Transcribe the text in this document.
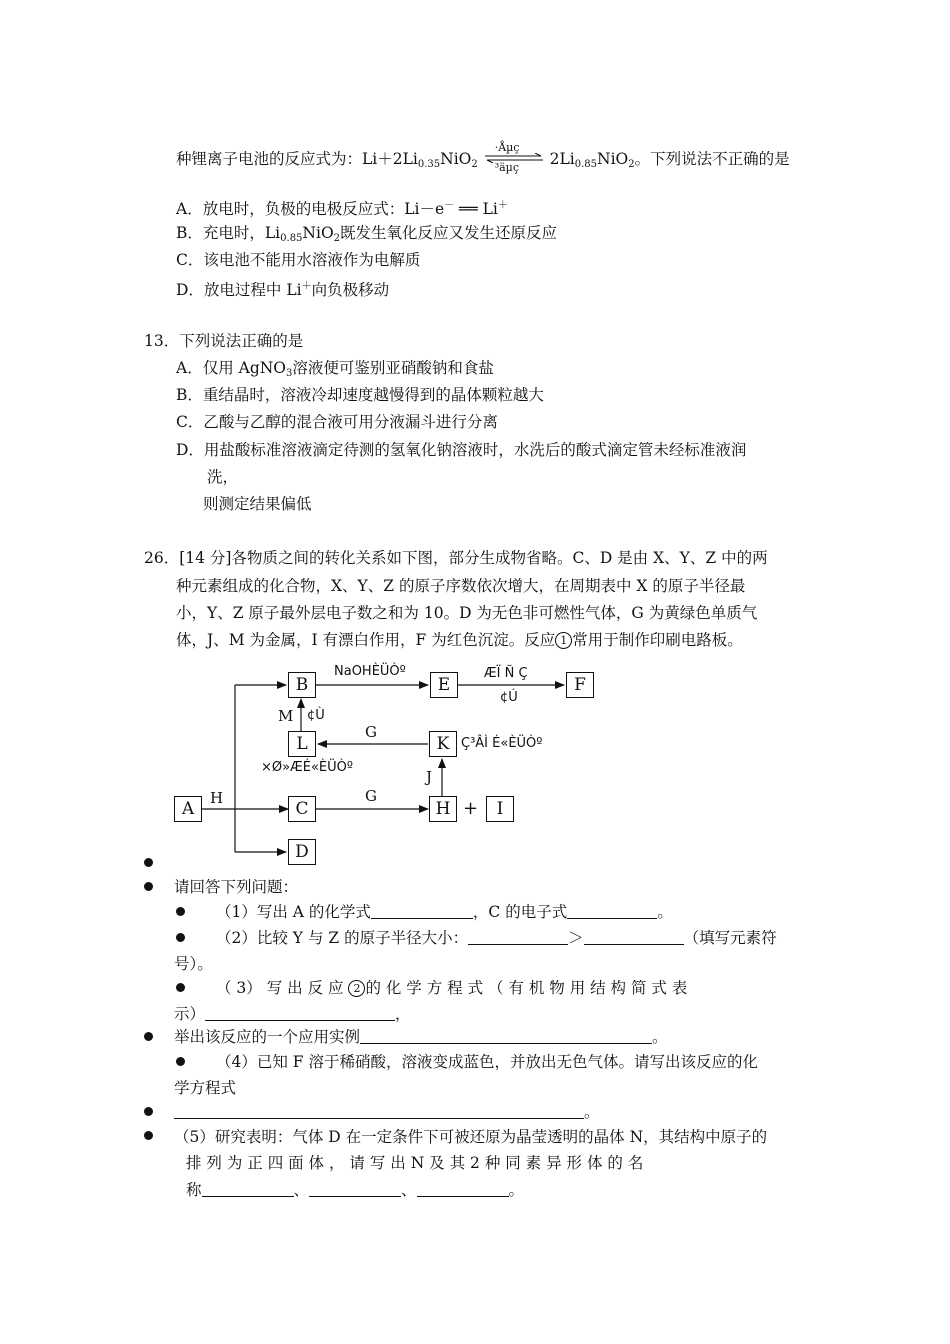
种锂离子电池的反应式为：$Li+2Li_{0.35}NiO_2$
·Åµç
³äµç $2Li_{0.85}NiO_2$。下列说法不正确的是
A．放电时，负极的电极反应式：Li－e－ ══ Li＋
B．充电时，$Li_{0.85}NiO_2$既发生氧化反应又发生还原反应
C．该电池不能用水溶液作为电解质
D．放电过程中 Li＋向负极移动
13．下列说法正确的是
A．仅用 AgNO$_3$溶液便可鉴别亚硝酸钠和食盐
B．重结晶时，溶液冷却速度越慢得到的晶体颗粒越大
C．乙酸与乙醇的混合液可用分液漏斗进行分离
D．用盐酸标准溶液滴定待测的氢氧化钠溶液时，水洗后的酸式滴定管未经标准液润
洗，
则测定结果偏低
26．[14 分]各物质之间的转化关系如下图，部分生成物省略。C、D 是由 X、Y、Z 中的两
种元素组成的化合物，X、Y、Z 的原子序数依次增大，在周期表中 X 的原子半径最
小，Y、Z 原子最外层电子数之和为 10。D 为无色非可燃性气体，G 为黄绿色单质气
体，J、M 为金属，I 有漂白作用，F 为红色沉淀。反应 1 常用于制作印刷电路板。
A
B
L
C
D
E	F
K
H	I
+
H	G
G
M ¢Ù
J
NaOHÈÜÒº	ÆÏ Ñ Ç
¢Ú
Ç³ÂÌ É«ÈÜÒº
×Ø»ÆÉ«ÈÜÒº
请回答下列问题：
（1）写出 A 的化学式	，C 的电子式	。
（2）比较 Y 与 Z 的原子半径大小：	＞	（填写元素符
号）。
（ 3） 写 出 反 应 2 的 化 学 方 程 式 （ 有 机 物 用 结 构 简 式 表
示）	，
举出该反应的一个应用实例	。
（4）已知 F 溶于稀硝酸，溶液变成蓝色，并放出无色气体。请写出该反应的化
学方程式
。
（5）研究表明：气体 D 在一定条件下可被还原为晶莹透明的晶体 N，其结构中原子的
排 列 为 正 四 面 体 ， 请 写 出 N 及 其 2 种 同 素 异 形 体 的 名
称	、	、	。
